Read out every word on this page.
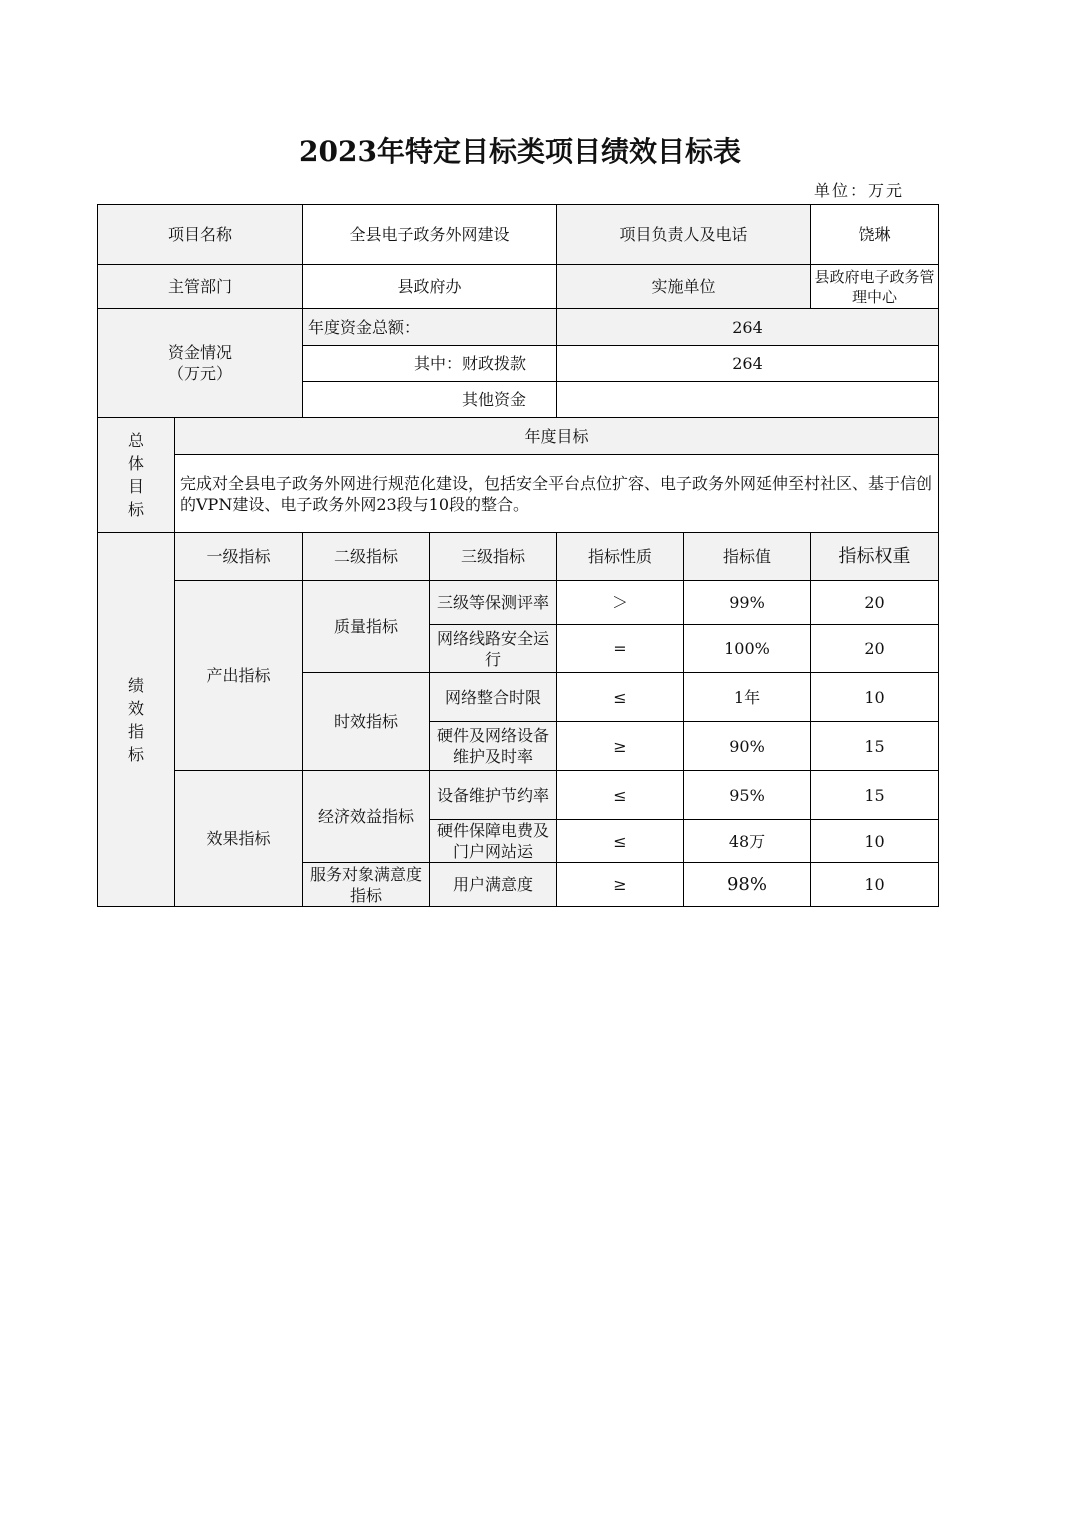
2023年特定目标类项目绩效目标表
单位：万元
项目名称		全县电子政务外网建设		项目负责人及电话		饶琳
主管部门		县政府办		实施单位		县政府电子政务管理中心
资金情况
（万元）		年度资金总额：		264		
		其中：财政拨款		264		
		其他资金				
总体目标	年度目标					
	完成对全县电子政务外网进行规范化建设，包括安全平台点位扩容、电子政务外网延伸至村社区、基于信创的VPN建设、电子政务外网23段与10段的整合。					
绩效指标	一级指标	二级指标	三级指标	指标性质	指标值	指标权重
	产出指标	质量指标	三级等保测评率	＞	99%	20
			网络线路安全运行	=	100%	20
		时效指标	网络整合时限	≤	1年	10
			硬件及网络设备维护及时率	≥	90%	15
	效果指标	经济效益指标	设备维护节约率	≤	95%	15
			硬件保障电费及门户网站运	≤	48万	10
		服务对象满意度指标	用户满意度	≥	98%	10
